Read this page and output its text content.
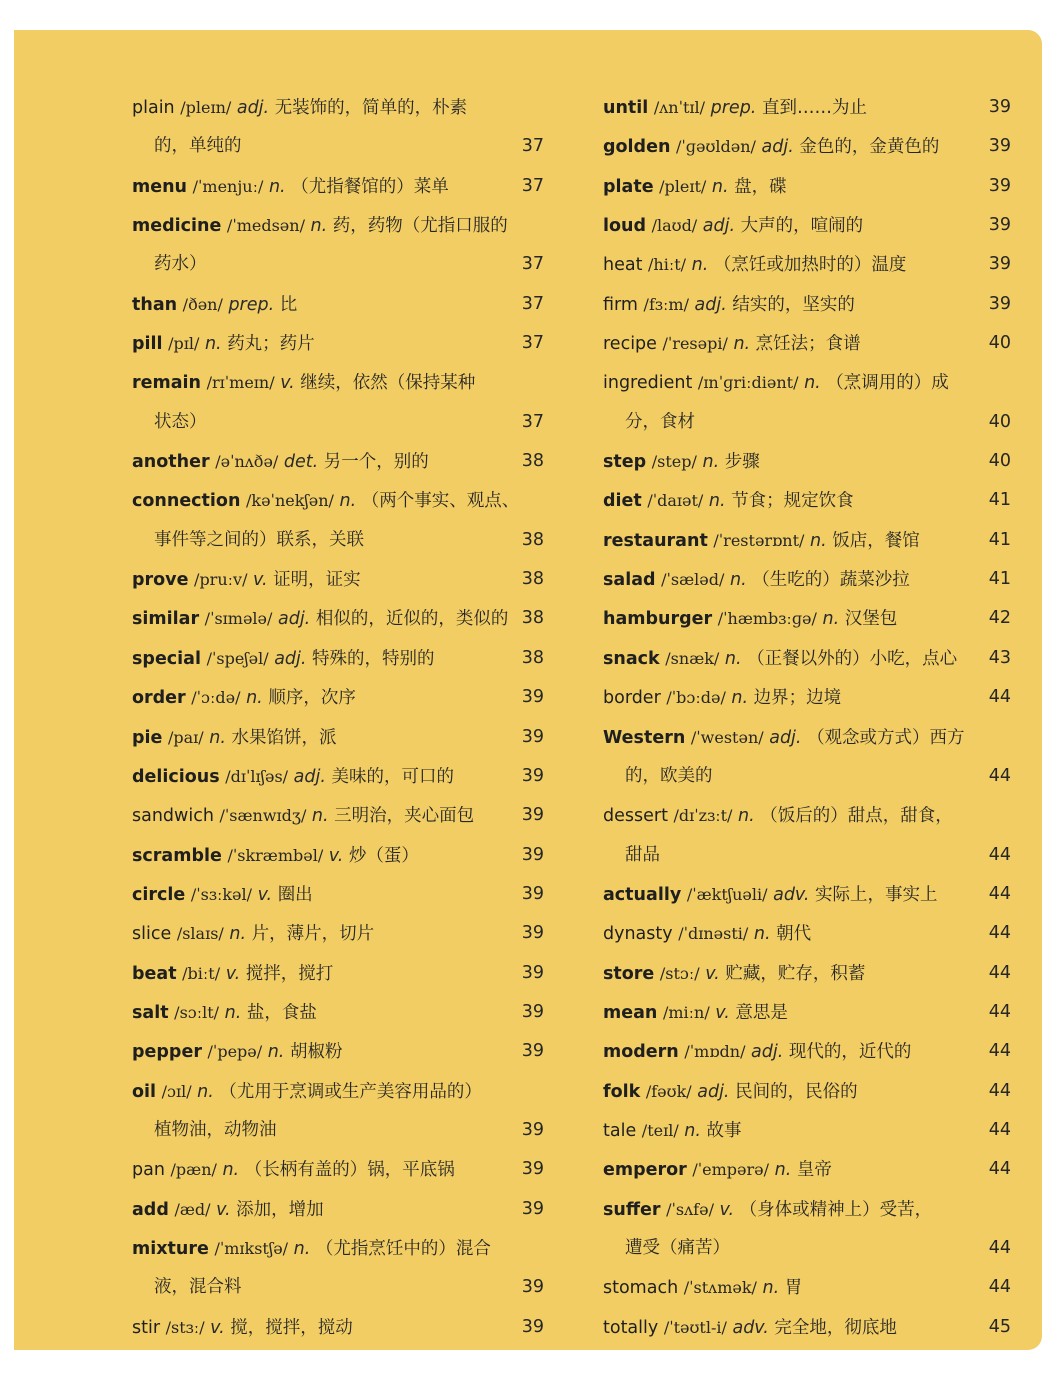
plain /pleɪn/ adj. 无装饰的，简单的，朴素
的，单纯的	37
menu /ˈmenjuː/ n. （尤指餐馆的）菜单	37
medicine /ˈmedsən/ n. 药，药物（尤指口服的
药水）	37
than /ðən/ prep. 比	37
pill /pɪl/ n. 药丸；药片	37
remain /rɪˈmeɪn/ v. 继续，依然（保持某种
状态）	37
another /əˈnʌðə/ det. 另一个，别的	38
connection /kəˈnekʃən/ n. （两个事实、观点、
事件等之间的）联系，关联	38
prove /pruːv/ v. 证明，证实	38
similar /ˈsɪmələ/ adj. 相似的，近似的，类似的 38
special /ˈspeʃəl/ adj. 特殊的，特别的	38
order /ˈɔːdə/ n. 顺序，次序	39
pie /paɪ/ n. 水果馅饼，派	39
delicious /dɪˈlɪʃəs/ adj. 美味的，可口的	39
sandwich /ˈsænwɪdʒ/ n. 三明治，夹心面包	39
scramble /ˈskræmbəl/ v. 炒（蛋）	39
circle /ˈsɜːkəl/ v. 圈出	39
slice /slaɪs/ n. 片，薄片，切片	39
beat /biːt/ v. 搅拌，搅打	39
salt /sɔːlt/ n. 盐，食盐	39
pepper /ˈpepə/ n. 胡椒粉	39
oil /ɔɪl/ n. （尤用于烹调或生产美容用品的）
植物油，动物油	39
pan /pæn/ n. （长柄有盖的）锅，平底锅	39
add /æd/ v. 添加，增加	39
mixture /ˈmɪkstʃə/ n. （尤指烹饪中的）混合
液，混合料	39
stir /stɜː/ v. 搅，搅拌，搅动	39
until /ʌnˈtɪl/ prep. 直到……为止	39
golden /ˈɡəʊldən/ adj. 金色的，金黄色的	39
plate /pleɪt/ n. 盘，碟	39
loud /laʊd/ adj. 大声的，喧闹的	39
heat /hiːt/ n. （烹饪或加热时的）温度	39
firm /fɜːm/ adj. 结实的，坚实的	39
recipe /ˈresəpi/ n. 烹饪法；食谱	40
ingredient /ɪnˈɡriːdiənt/ n. （烹调用的）成
分，食材	40
step /step/ n. 步骤	40
diet /ˈdaɪət/ n. 节食；规定饮食	41
restaurant /ˈrestərɒnt/ n. 饭店，餐馆	41
salad /ˈsæləd/ n. （生吃的）蔬菜沙拉	41
hamburger /ˈhæmbɜːɡə/ n. 汉堡包	42
snack /snæk/ n. （正餐以外的）小吃，点心 43
border /ˈbɔːdə/ n. 边界；边境	44
Western /ˈwestən/ adj. （观念或方式）西方
的，欧美的	44
dessert /dɪˈzɜːt/ n. （饭后的）甜点，甜食，
甜品	44
actually /ˈæktʃuəli/ adv. 实际上，事实上	44
dynasty /ˈdɪnəsti/ n. 朝代	44
store /stɔː/ v. 贮藏，贮存，积蓄	44
mean /miːn/ v. 意思是	44
modern /ˈmɒdn/ adj. 现代的，近代的	44
folk /fəʊk/ adj. 民间的，民俗的	44
tale /teɪl/ n. 故事	44
emperor /ˈempərə/ n. 皇帝	44
suffer /ˈsʌfə/ v. （身体或精神上）受苦，
遭受（痛苦）	44
stomach /ˈstʌmək/ n. 胃	44
totally /ˈtəʊtl-i/ adv. 完全地，彻底地	45
